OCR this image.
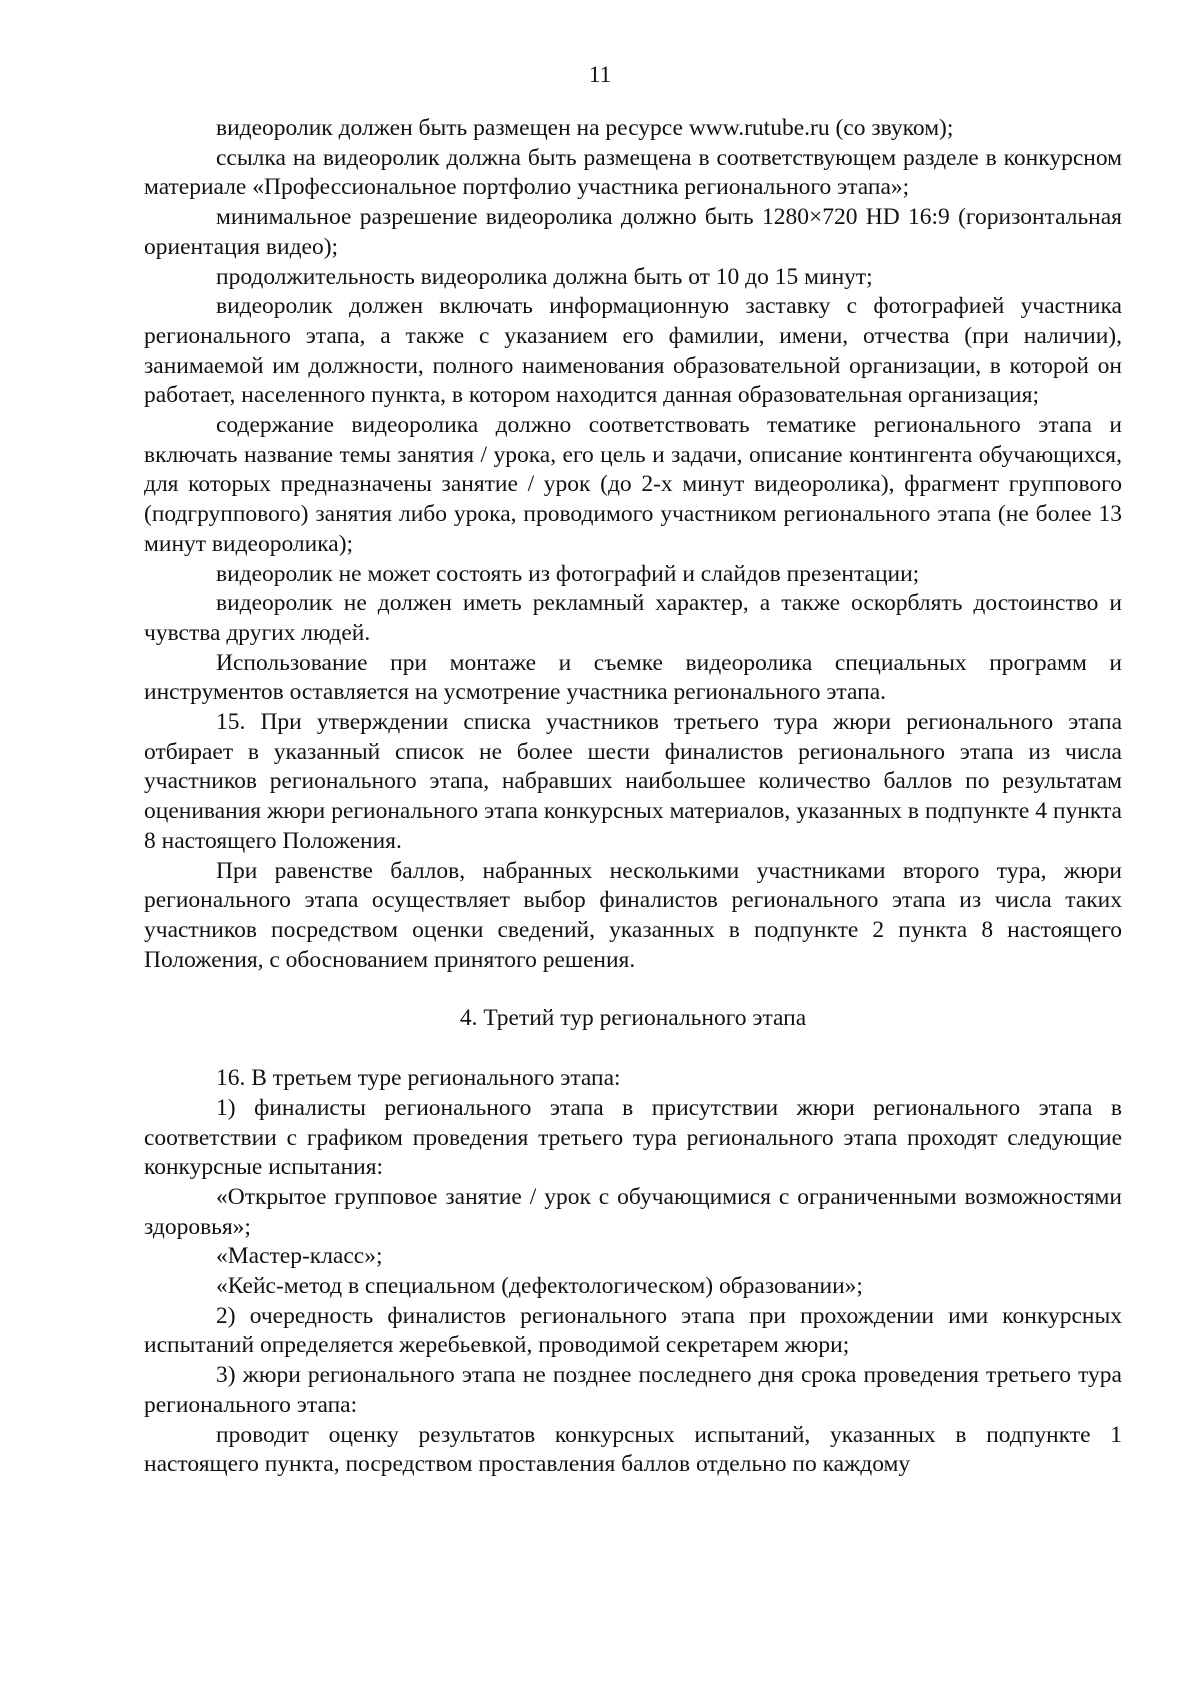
11

видеоролик должен быть размещен на ресурсе www.rutube.ru (со звуком);

ссылка на видеоролик должна быть размещена в соответствующем разделе в конкурсном материале «Профессиональное портфолио участника регионального этапа»;

минимальное разрешение видеоролика должно быть 1280×720 HD 16:9 (горизонтальная ориентация видео);

продолжительность видеоролика должна быть от 10 до 15 минут;

видеоролик должен включать информационную заставку с фотографией участника регионального этапа, а также с указанием его фамилии, имени, отчества (при наличии), занимаемой им должности, полного наименования образовательной организации, в которой он работает, населенного пункта, в котором находится данная образовательная организация;

содержание видеоролика должно соответствовать тематике регионального этапа и включать название темы занятия / урока, его цель и задачи, описание контингента обучающихся, для которых предназначены занятие / урок (до 2-х минут видеоролика), фрагмент группового (подгруппового) занятия либо урока, проводимого участником регионального этапа (не более 13 минут видеоролика);

видеоролик не может состоять из фотографий и слайдов презентации;

видеоролик не должен иметь рекламный характер, а также оскорблять достоинство и чувства других людей.

Использование при монтаже и съемке видеоролика специальных программ и инструментов оставляется на усмотрение участника регионального этапа.

15. При утверждении списка участников третьего тура жюри регионального этапа отбирает в указанный список не более шести финалистов регионального этапа из числа участников регионального этапа, набравших наибольшее количество баллов по результатам оценивания жюри регионального этапа конкурсных материалов, указанных в подпункте 4 пункта 8 настоящего Положения.

При равенстве баллов, набранных несколькими участниками второго тура, жюри регионального этапа осуществляет выбор финалистов регионального этапа из числа таких участников посредством оценки сведений, указанных в подпункте 2 пункта 8 настоящего Положения, с обоснованием принятого решения.

4. Третий тур регионального этапа

16. В третьем туре регионального этапа:

1) финалисты регионального этапа в присутствии жюри регионального этапа в соответствии с графиком проведения третьего тура регионального этапа проходят следующие конкурсные испытания:

«Открытое групповое занятие / урок с обучающимися с ограниченными возможностями здоровья»;

«Мастер-класс»;

«Кейс-метод в специальном (дефектологическом) образовании»;

2) очередность финалистов регионального этапа при прохождении ими конкурсных испытаний определяется жеребьевкой, проводимой секретарем жюри;

3) жюри регионального этапа не позднее последнего дня срока проведения третьего тура регионального этапа:

проводит оценку результатов конкурсных испытаний, указанных в подпункте 1 настоящего пункта, посредством проставления баллов отдельно по каждому
